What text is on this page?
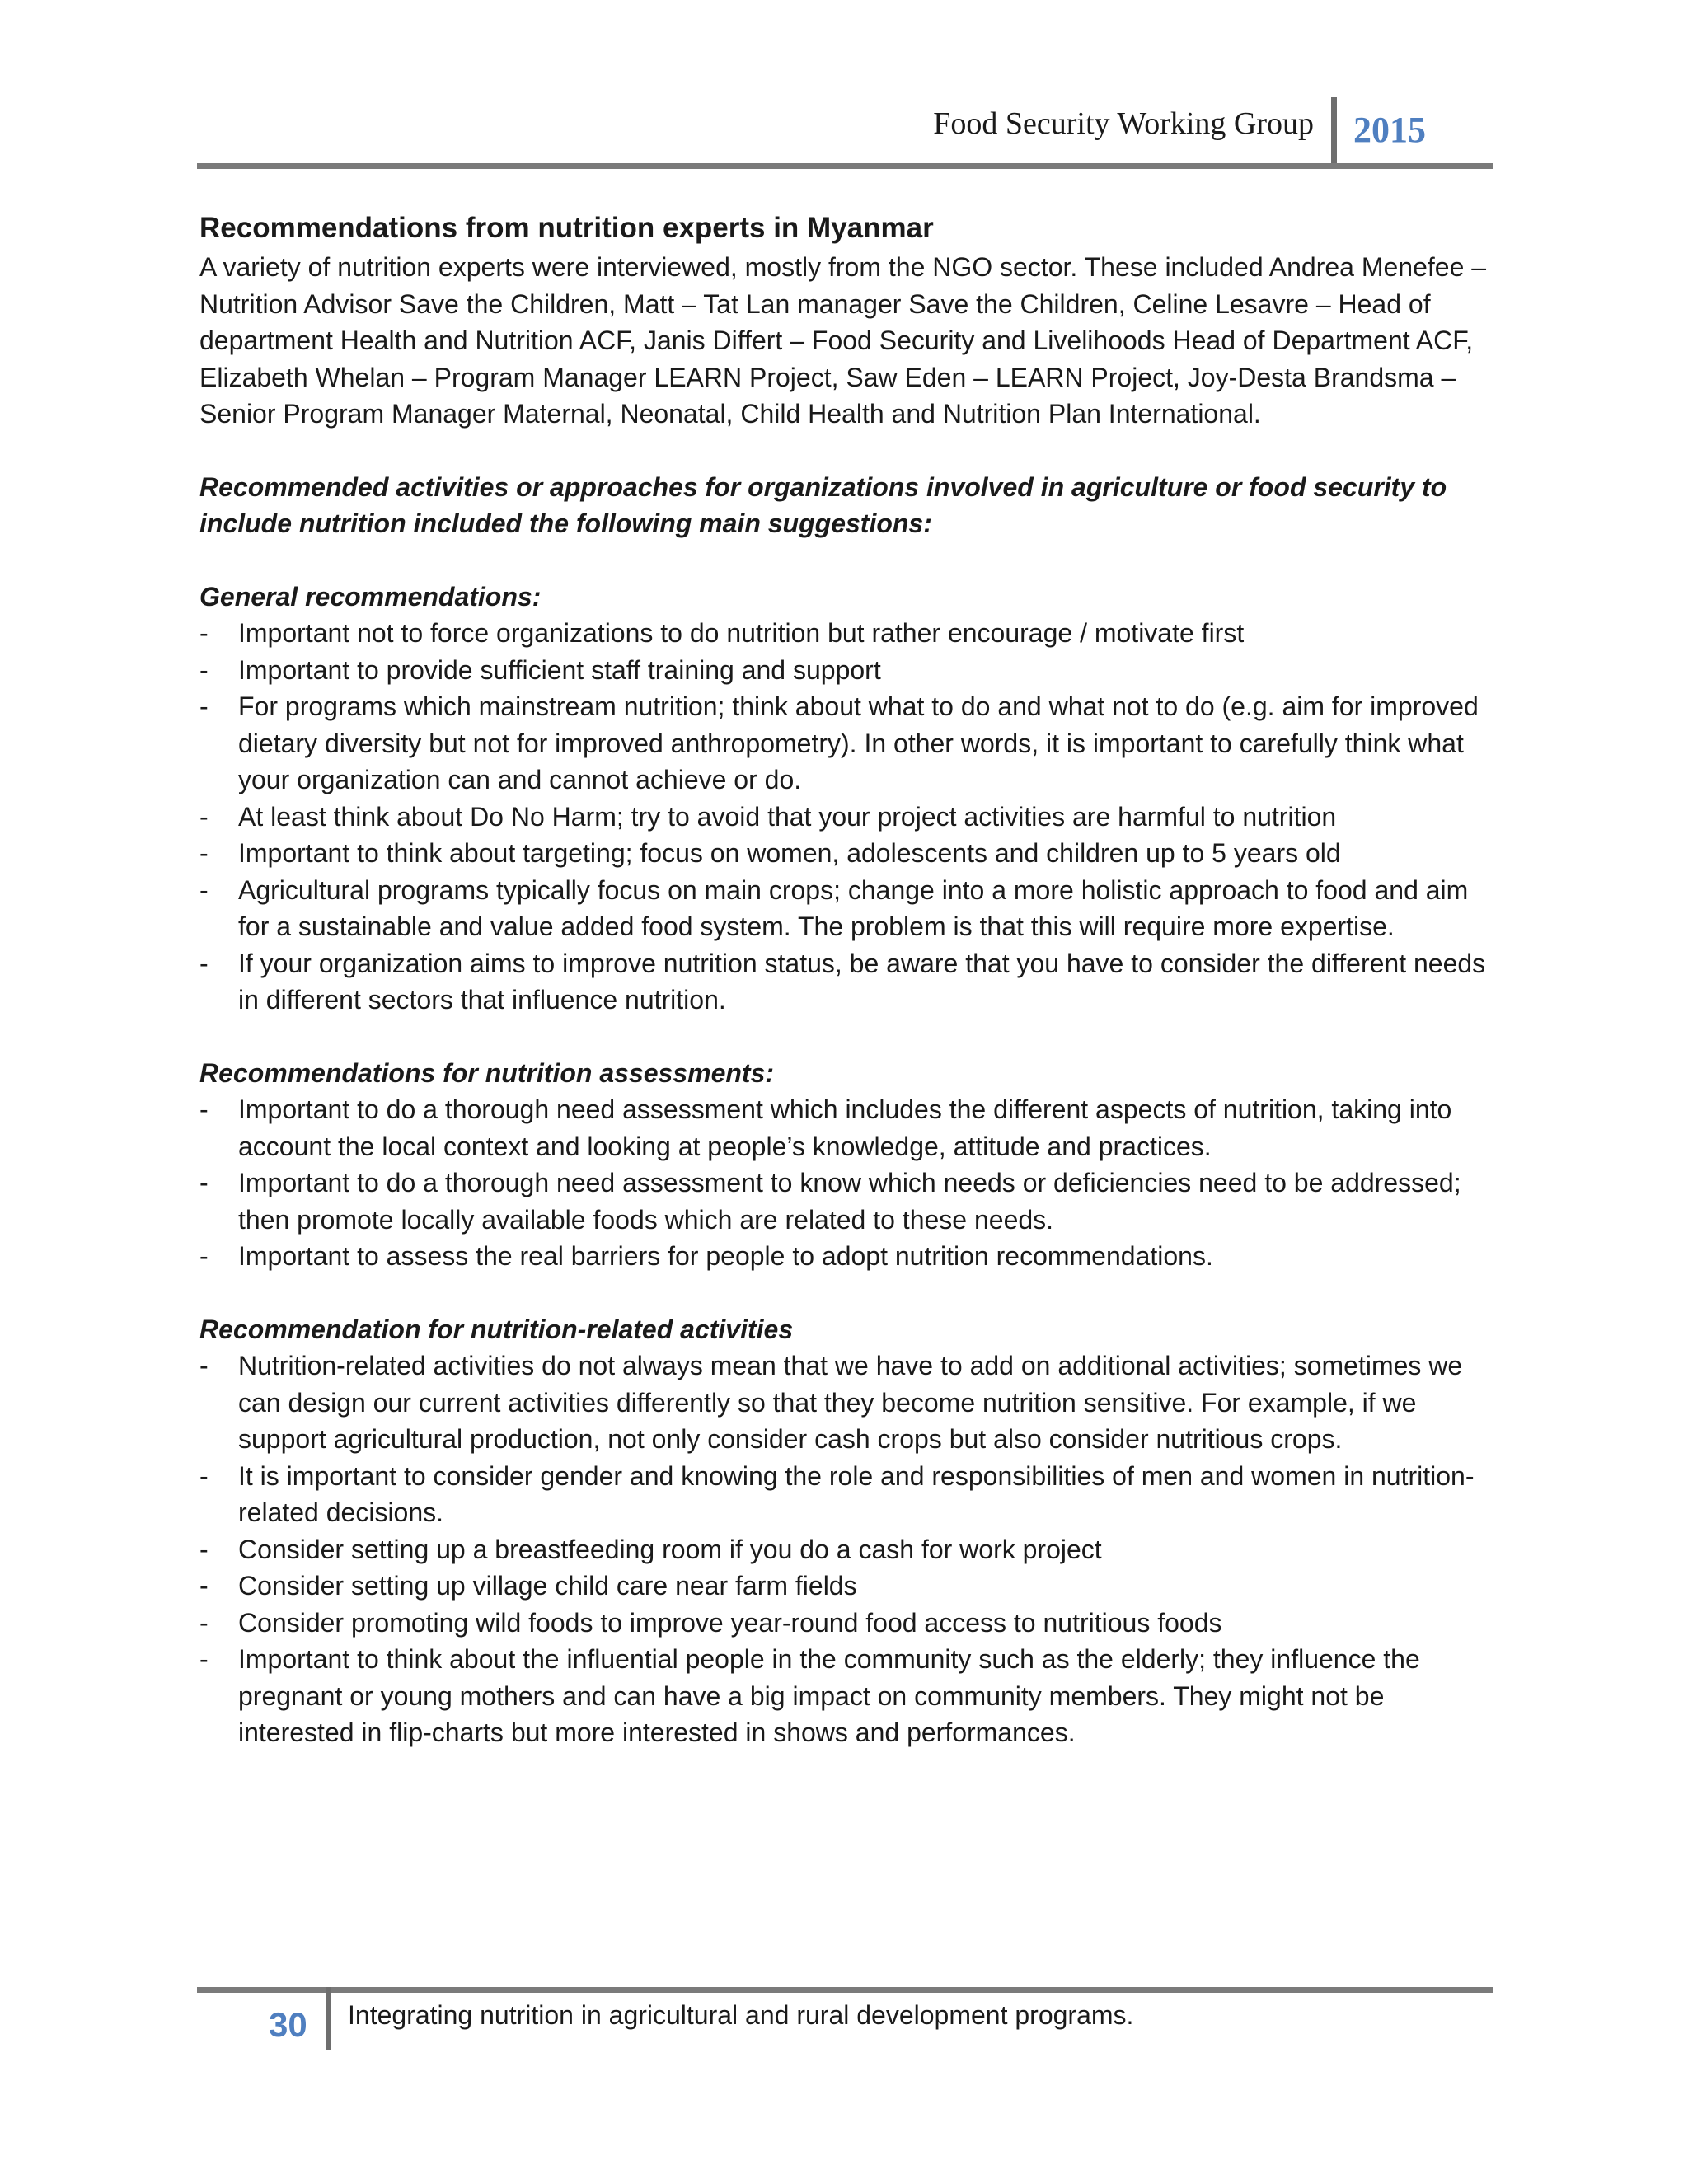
Food Security Working Group 2015

Recommendations from nutrition experts in Myanmar

A variety of nutrition experts were interviewed, mostly from the NGO sector. These included Andrea Menefee – Nutrition Advisor Save the Children, Matt – Tat Lan manager Save the Children, Celine Lesavre – Head of department Health and Nutrition ACF, Janis Differt – Food Security and Livelihoods Head of Department ACF, Elizabeth Whelan – Program Manager LEARN Project, Saw Eden – LEARN Project, Joy-Desta Brandsma – Senior Program Manager Maternal, Neonatal, Child Health and Nutrition Plan International.

Recommended activities or approaches for organizations involved in agriculture or food security to include nutrition included the following main suggestions:

General recommendations:

- Important not to force organizations to do nutrition but rather encourage / motivate first
- Important to provide sufficient staff training and support
- For programs which mainstream nutrition; think about what to do and what not to do (e.g. aim for improved dietary diversity but not for improved anthropometry). In other words, it is important to carefully think what your organization can and cannot achieve or do.
- At least think about Do No Harm; try to avoid that your project activities are harmful to nutrition
- Important to think about targeting; focus on women, adolescents and children up to 5 years old
- Agricultural programs typically focus on main crops; change into a more holistic approach to food and aim for a sustainable and value added food system. The problem is that this will require more expertise.
- If your organization aims to improve nutrition status, be aware that you have to consider the different needs in different sectors that influence nutrition.

Recommendations for nutrition assessments:

- Important to do a thorough need assessment which includes the different aspects of nutrition, taking into account the local context and looking at people’s knowledge, attitude and practices.
- Important to do a thorough need assessment to know which needs or deficiencies need to be addressed; then promote locally available foods which are related to these needs.
- Important to assess the real barriers for people to adopt nutrition recommendations.

Recommendation for nutrition-related activities

- Nutrition-related activities do not always mean that we have to add on additional activities; sometimes we can design our current activities differently so that they become nutrition sensitive. For example, if we support agricultural production, not only consider cash crops but also consider nutritious crops.
- It is important to consider gender and knowing the role and responsibilities of men and women in nutrition-related decisions.
- Consider setting up a breastfeeding room if you do a cash for work project
- Consider setting up village child care near farm fields
- Consider promoting wild foods to improve year-round food access to nutritious foods
- Important to think about the influential people in the community such as the elderly; they influence the pregnant or young mothers and can have a big impact on community members. They might not be interested in flip-charts but more interested in shows and performances.
30 Integrating nutrition in agricultural and rural development programs.
